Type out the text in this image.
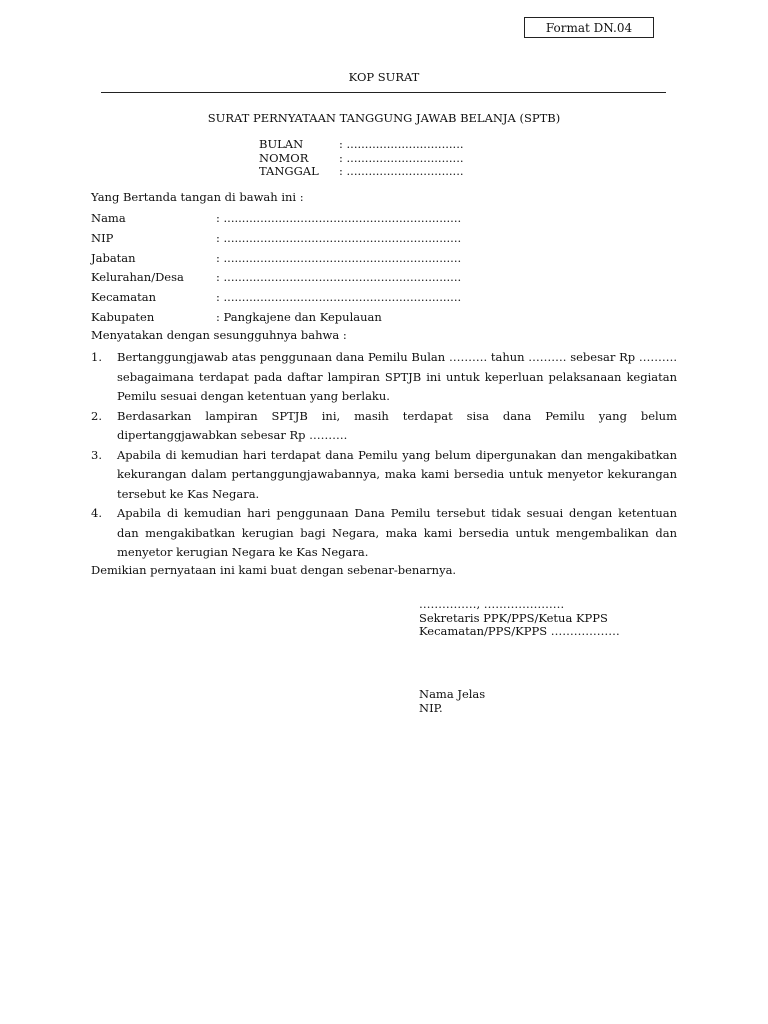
Format DN.04
KOP SURAT
SURAT PERNYATAAN TANGGUNG JAWAB BELANJA (SPTB)
BULAN	: ................................
NOMOR	: ................................
TANGGAL : ................................
Yang Bertanda tangan di bawah ini :
Nama	: .................................................................
NIP	: .................................................................
Jabatan	: .................................................................
Kelurahan/Desa	: .................................................................
Kecamatan	: .................................................................
Kabupaten	: Pangkajene dan Kepulauan
Menyatakan dengan sesungguhnya bahwa :
1.	Bertanggungjawab atas penggunaan dana Pemilu Bulan ………. tahun ………. sebesar Rp ………. sebagaimana terdapat pada daftar lampiran SPTJB ini untuk keperluan pelaksanaan kegiatan Pemilu sesuai dengan ketentuan yang berlaku.
2.	Berdasarkan lampiran SPTJB ini, masih terdapat sisa dana Pemilu yang belum dipertanggjawabkan sebesar Rp ……….
3.	Apabila di kemudian hari terdapat dana Pemilu yang belum dipergunakan dan mengakibatkan kekurangan dalam pertanggungjawabannya, maka kami bersedia untuk menyetor kekurangan tersebut ke Kas Negara.
4.	Apabila di kemudian hari penggunaan Dana Pemilu tersebut tidak sesuai dengan ketentuan dan mengakibatkan kerugian bagi Negara, maka kami bersedia untuk mengembalikan dan menyetor kerugian Negara ke Kas Negara.
Demikian pernyataan ini kami buat dengan sebenar-benarnya.
……………, …………………
Sekretaris PPK/PPS/Ketua KPPS
Kecamatan/PPS/KPPS ………………
Nama Jelas
NIP.
